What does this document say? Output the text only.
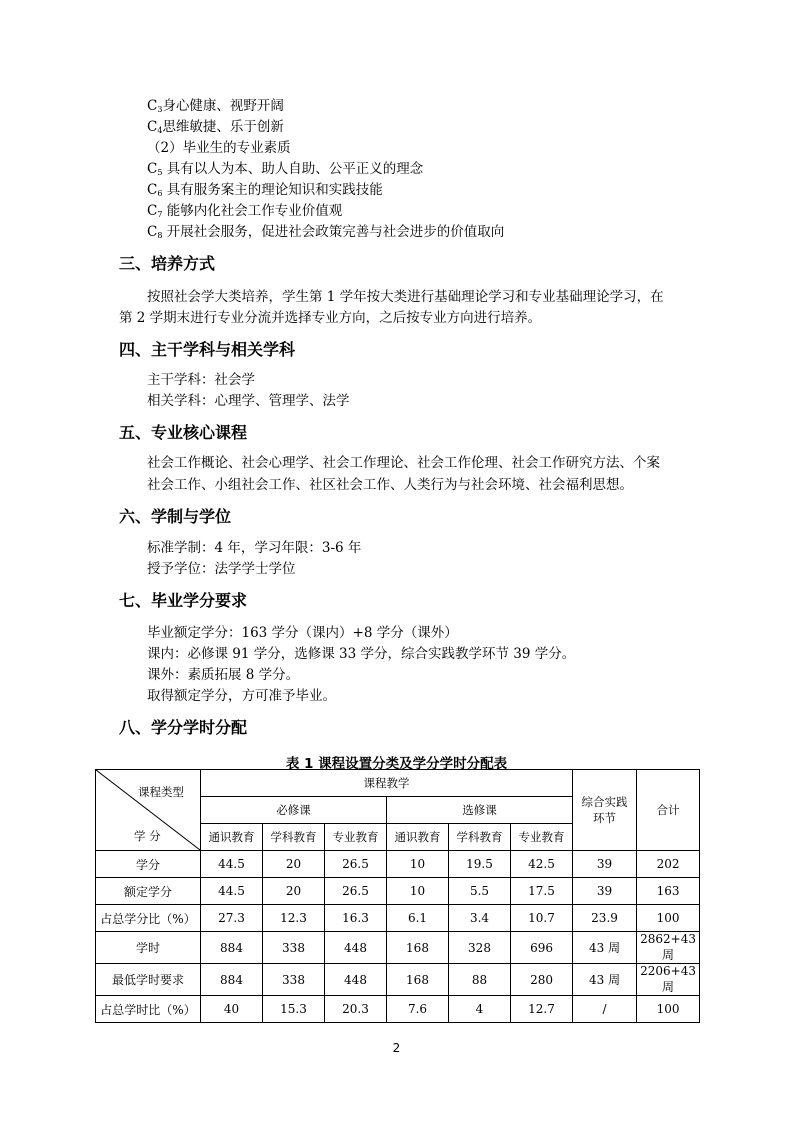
$C_3$身心健康、视野开阔
$C_4$思维敏捷、乐于创新
（2）毕业生的专业素质
$C_5$ 具有以人为本、助人自助、公平正义的理念
$C_6$ 具有服务案主的理论知识和实践技能
$C_7$ 能够内化社会工作专业价值观
$C_8$ 开展社会服务，促进社会政策完善与社会进步的价值取向
三、培养方式
按照社会学大类培养，学生第 1 学年按大类进行基础理论学习和专业基础理论学习，在
第 2 学期末进行专业分流并选择专业方向，之后按专业方向进行培养。
四、主干学科与相关学科
主干学科：社会学
相关学科：心理学、管理学、法学
五、专业核心课程
社会工作概论、社会心理学、社会工作理论、社会工作伦理、社会工作研究方法、个案
社会工作、小组社会工作、社区社会工作、人类行为与社会环境、社会福利思想。
六、学制与学位
标准学制：4 年，学习年限：3-6 年
授予学位：法学学士学位
七、毕业学分要求
毕业额定学分：163 学分（课内）+8 学分（课外）
课内：必修课 91 学分，选修课 33 学分，综合实践教学环节 39 学分。
课外：素质拓展 8 学分。
取得额定学分，方可准予毕业。
八、学分学时分配
表 1 课程设置分类及学分学时分配表
课程类型
学 分	课程教学						综合实践环节	合计
	必修课			选修课				
	通识教育	学科教育	专业教育	通识教育	学科教育	专业教育		
学分	44.5	20	26.5	10	19.5	42.5	39	202
额定学分	44.5	20	26.5	10	5.5	17.5	39	163
占总学分比（%）	27.3	12.3	16.3	6.1	3.4	10.7	23.9	100
学时	884	338	448	168	328	696	43 周	2862+43 周
最低学时要求	884	338	448	168	88	280	43 周	2206+43 周
占总学时比（%）	40	15.3	20.3	7.6	4	12.7	/	100
2
